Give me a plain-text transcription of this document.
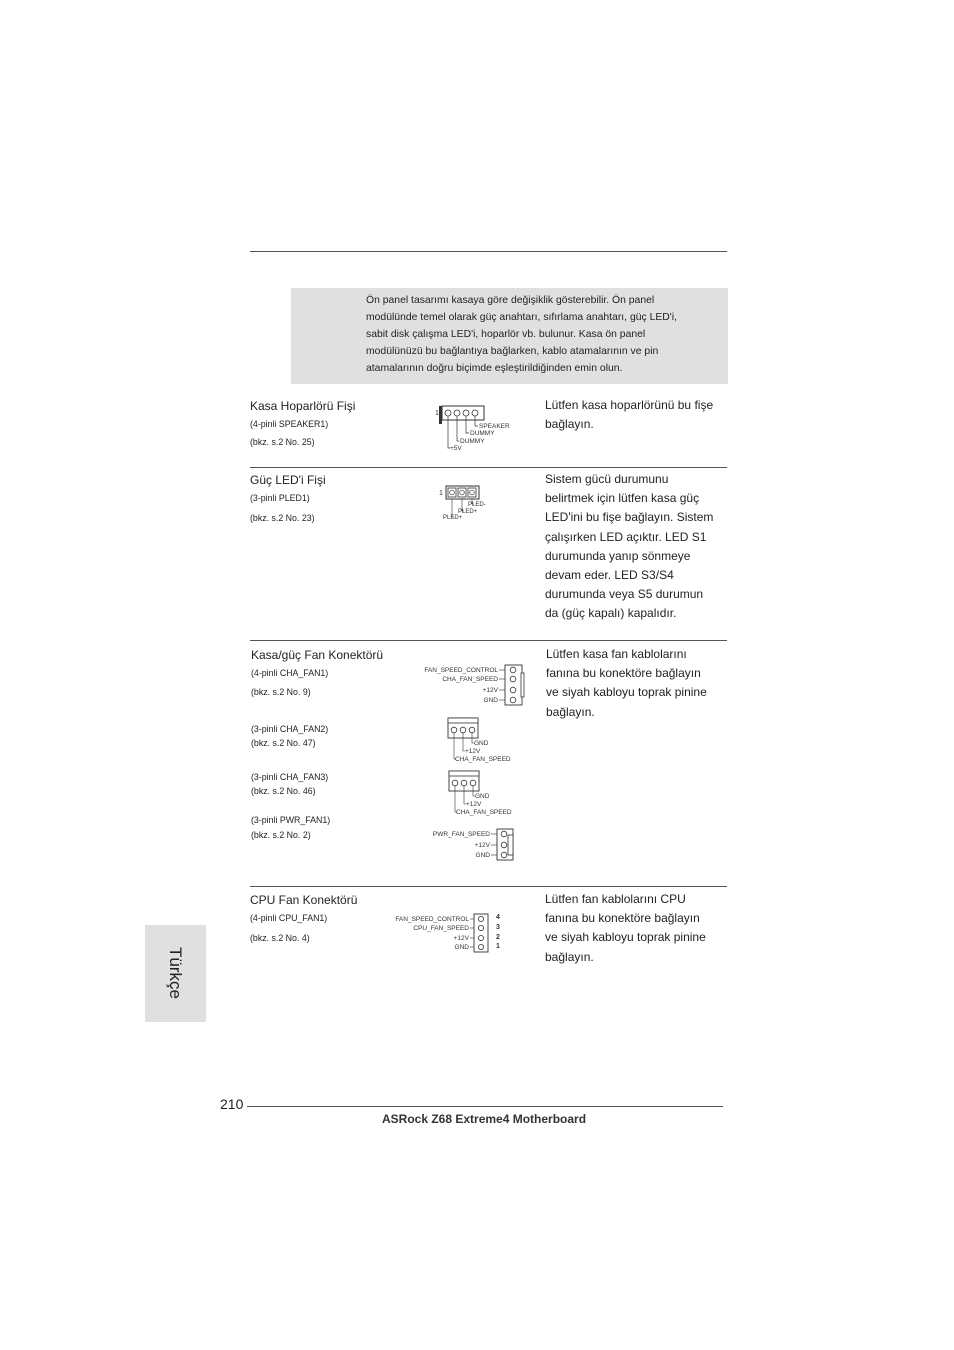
Ön panel tasarımı kasaya göre değişiklik gösterebilir. Ön panel
modülünde temel olarak güç anahtarı, sıfırlama anahtarı, güç LED'i,
sabit disk çalışma LED'i, hoparlör vb. bulunur. Kasa ön panel
modülünüzü bu bağlantıya bağlarken, kablo atamalarının ve pin
atamalarının doğru biçimde eşleştirildiğinden emin olun.
Kasa Hoparlörü Fişi
(4-pinli SPEAKER1)
(bkz. s.2 No. 25)
Lütfen kasa hoparlörünü bu fişe
bağlayın.
1
SPEAKER
DUMMY
DUMMY
+5V
Güç LED'i Fişi
(3-pinli PLED1)
(bkz. s.2 No. 23)
Sistem gücü durumunu
belirtmek için lütfen kasa güç
LED'ini bu fişe bağlayın. Sistem
çalışırken LED açıktır. LED S1
durumunda yanıp sönmeye
devam eder. LED S3/S4
durumunda veya S5 durumun
da (güç kapalı) kapalıdır.
1
PLED-
PLED+
PLED+
Kasa/güç Fan Konektörü	Lütfen kasa fan kablolarını
fanına bu konektöre bağlayın
ve siyah kabloyu toprak pinine
bağlayın.
(4-pinli CHA_FAN1)
(bkz. s.2 No. 9)
FAN_SPEED_CONTROL
CHA_FAN_SPEED
+12V
GND
(3-pinli CHA_FAN2)
(bkz. s.2 No. 47)	GND
+12V
CHA_FAN_SPEED
(3-pinli CHA_FAN3)
(bkz. s.2 No. 46)
GND
+12V
CHA_FAN_SPEED
(3-pinli PWR_FAN1)
(bkz. s.2 No. 2)	PWR_FAN_SPEED
+12V
GND
CPU Fan Konektörü
(4-pinli CPU_FAN1)
(bkz. s.2 No. 4)
Lütfen fan kablolarını CPU
fanına bu konektöre bağlayın
ve siyah kabloyu toprak pinine
bağlayın.
FAN_SPEED_CONTROL
CPU_FAN_SPEED
+12V
GND
4
3
2
1
Türkçe
210
ASRock Z68 Extreme4 Motherboard
